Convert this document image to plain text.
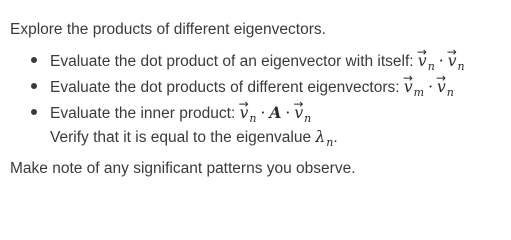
Explore the products of different eigenvectors.
Evaluate the dot product of an eigenvector with itself: → $v_n \cdot\to v_n$
Evaluate the dot products of different eigenvectors: → $v_m \cdot\to v_n$
Evaluate the inner product: → $v_n \cdot A \cdot\to v_n$
Verify that it is equal to the eigenvalue $\lambda_n$.
Make note of any significant patterns you observe.
